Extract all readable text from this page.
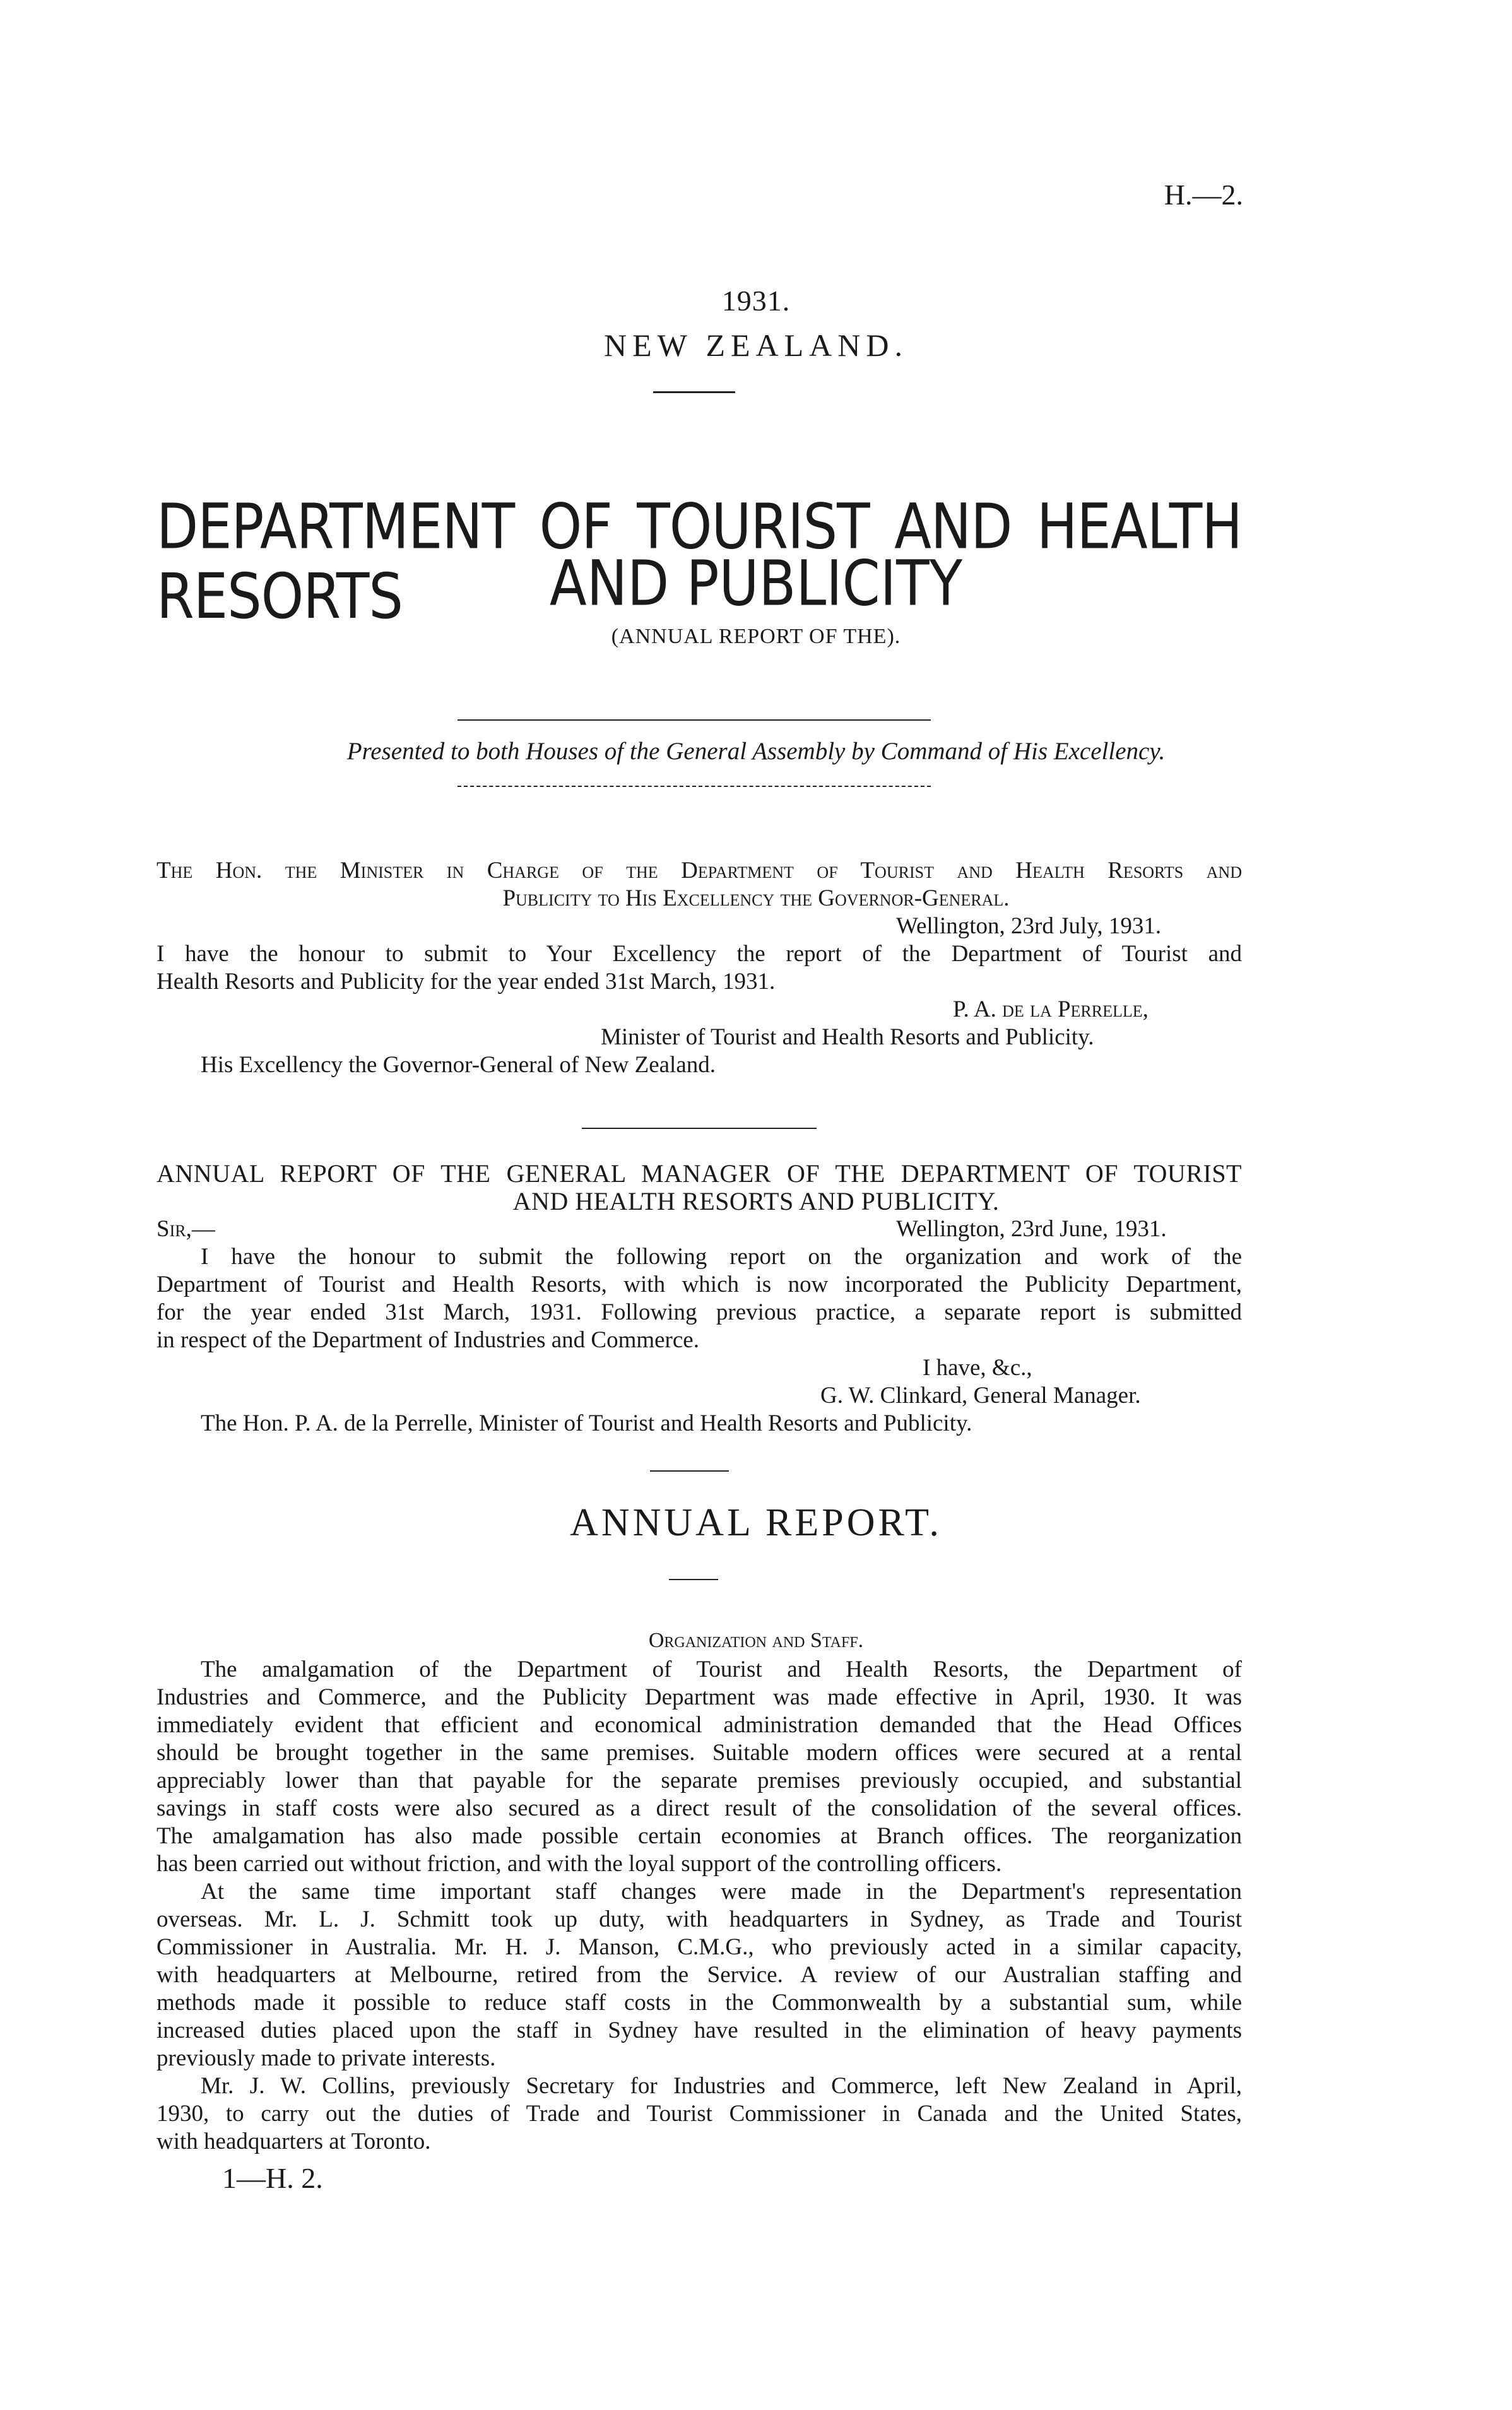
H.—2.
1931.
NEW ZEALAND.
DEPARTMENT OF TOURIST AND HEALTH RESORTS	AND PUBLICITY
(ANNUAL REPORT OF THE).
Presented to both Houses of the General Assembly by Command of His Excellency.
The Hon. the Minister in Charge of the Department of Tourist and Health Resorts and
Publicity to His Excellency the Governor-General.
Wellington, 23rd July, 1931.
I have the honour to submit to Your Excellency the report of the Department of Tourist and
Health Resorts and Publicity for the year ended 31st March, 1931.
P. A. de la Perrelle,
Minister of Tourist and Health Resorts and Publicity.
His Excellency the Governor-General of New Zealand.
ANNUAL REPORT OF THE GENERAL MANAGER OF THE DEPARTMENT OF TOURIST
AND HEALTH RESORTS AND PUBLICITY.
Sir,—	Wellington, 23rd June, 1931.
I have the honour to submit the following report on the organization and work of the
Department of Tourist and Health Resorts, with which is now incorporated the Publicity Department,
for the year ended 31st March, 1931. Following previous practice, a separate report is submitted
in respect of the Department of Industries and Commerce.
I have, &c.,
G. W. Clinkard, General Manager.
The Hon. P. A. de la Perrelle, Minister of Tourist and Health Resorts and Publicity.
ANNUAL REPORT.
Organization and Staff.
The amalgamation of the Department of Tourist and Health Resorts, the Department of
Industries and Commerce, and the Publicity Department was made effective in April, 1930. It was
immediately evident that efficient and economical administration demanded that the Head Offices
should be brought together in the same premises. Suitable modern offices were secured at a rental
appreciably lower than that payable for the separate premises previously occupied, and substantial
savings in staff costs were also secured as a direct result of the consolidation of the several offices.
The amalgamation has also made possible certain economies at Branch offices. The reorganization
has been carried out without friction, and with the loyal support of the controlling officers.
At the same time important staff changes were made in the Department's representation
overseas. Mr. L. J. Schmitt took up duty, with headquarters in Sydney, as Trade and Tourist
Commissioner in Australia. Mr. H. J. Manson, C.M.G., who previously acted in a similar capacity,
with headquarters at Melbourne, retired from the Service. A review of our Australian staffing and
methods made it possible to reduce staff costs in the Commonwealth by a substantial sum, while
increased duties placed upon the staff in Sydney have resulted in the elimination of heavy payments
previously made to private interests.
Mr. J. W. Collins, previously Secretary for Industries and Commerce, left New Zealand in April,
1930, to carry out the duties of Trade and Tourist Commissioner in Canada and the United States,
with headquarters at Toronto.
1—H. 2.
